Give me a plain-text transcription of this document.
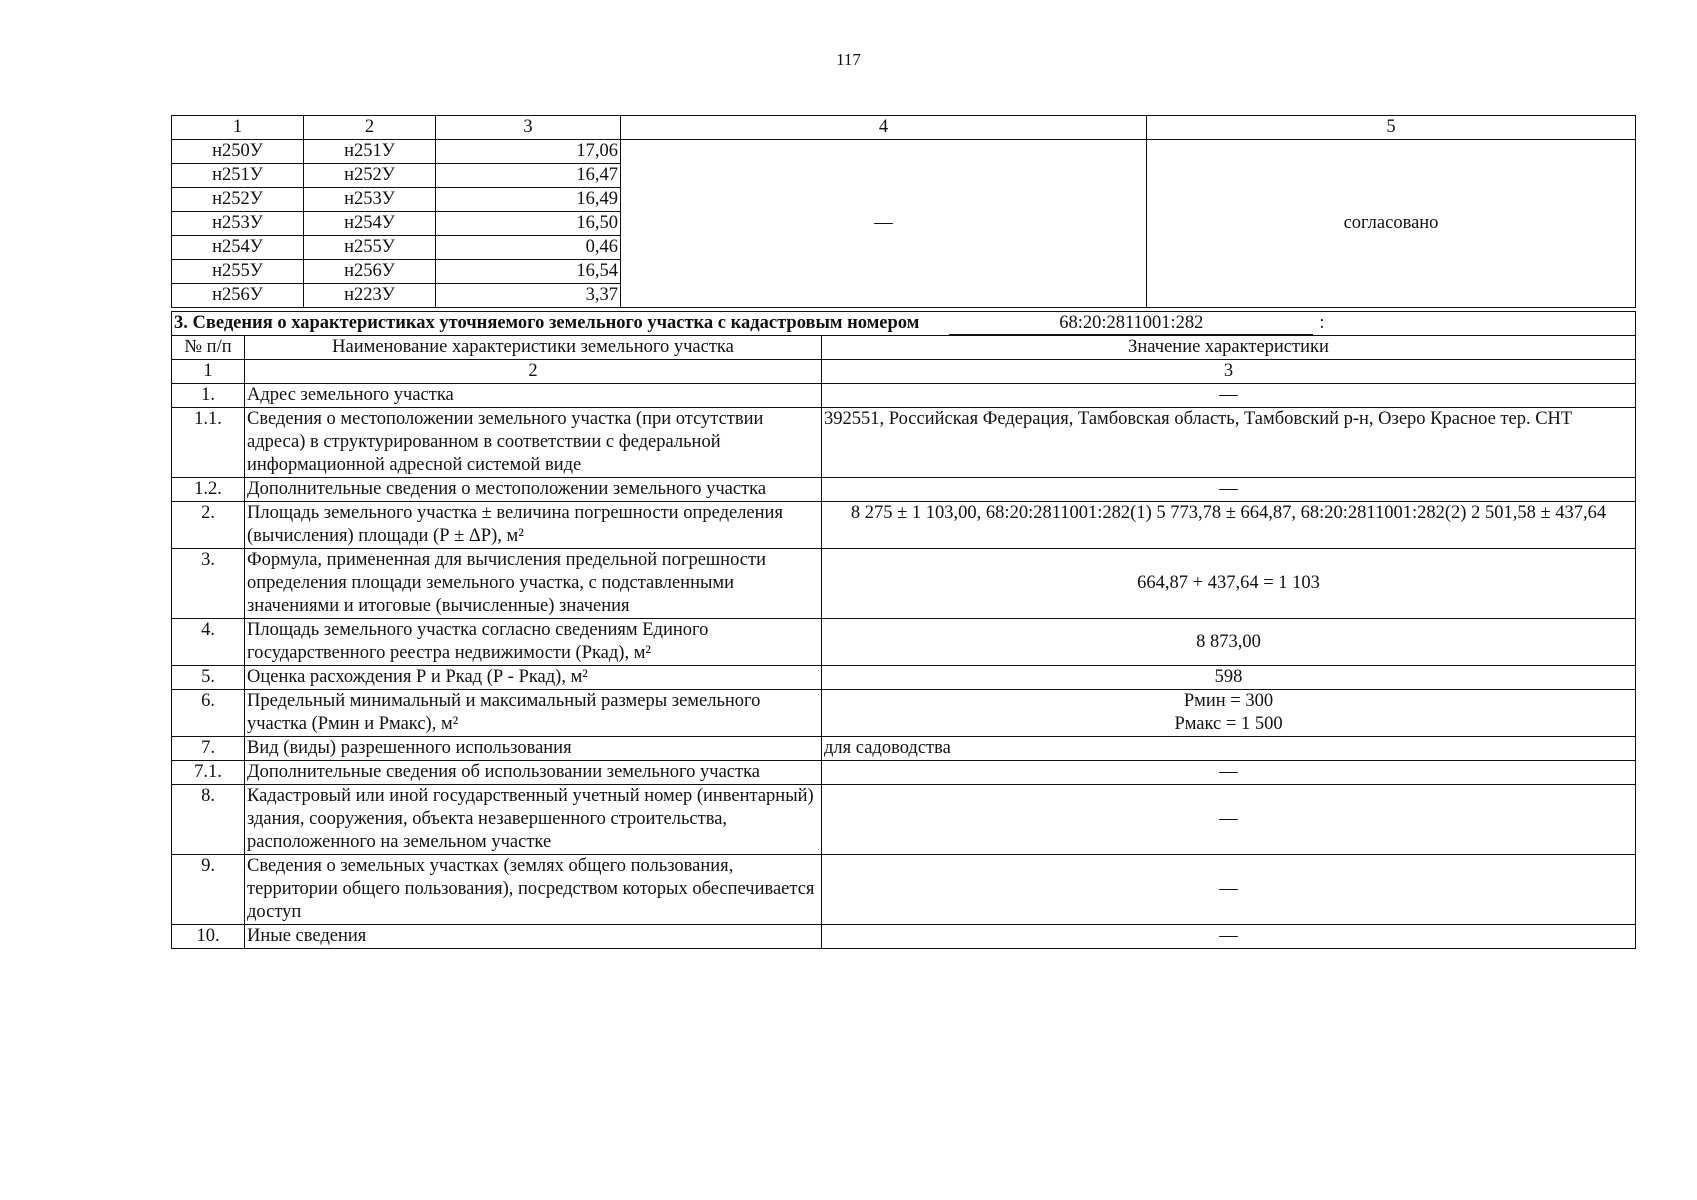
117
1	2	3	4	5
н250У	н251У	17,06	—	согласовано
н251У	н252У	16,47		
н252У	н253У	16,49		
н253У	н254У	16,50		
н254У	н255У	0,46		
н255У	н256У	16,54		
н256У	н223У	3,37		
3. Сведения о характеристиках уточняемого земельного участка с кадастровым номером 68:20:2811001:282 :		
№ п/п	Наименование характеристики земельного участка	Значение характеристики
1	2	3
1.	Адрес земельного участка	—
1.1.	Сведения о местоположении земельного участка (при отсутствии адреса) в структурированном в соответствии с федеральной информационной адресной системой виде	392551, Российская Федерация, Тамбовская область, Тамбовский р-н, Озеро Красное тер. СНТ
1.2.	Дополнительные сведения о местоположении земельного участка	—
2.	Площадь земельного участка ± величина погрешности определения (вычисления) площади (Р ± ΔР), м²	8 275 ± 1 103,00, 68:20:2811001:282(1) 5 773,78 ± 664,87, 68:20:2811001:282(2) 2 501,58 ± 437,64
3.	Формула, примененная для вычисления предельной погрешности определения площади земельного участка, с подставленными значениями и итоговые (вычисленные) значения	664,87 + 437,64 = 1 103
4.	Площадь земельного участка согласно сведениям Единого государственного реестра недвижимости (Ркад), м²	8 873,00
5.	Оценка расхождения Р и Ркад (Р - Ркад), м²	598
6.	Предельный минимальный и максимальный размеры земельного участка (Рмин и Рмакс), м²	Рмин = 300
Рмакс = 1 500

7.	Вид (виды) разрешенного использования	для садоводства
7.1.	Дополнительные сведения об использовании земельного участка	—
8.	Кадастровый или иной государственный учетный номер (инвентарный) здания, сооружения, объекта незавершенного строительства, расположенного на земельном участке	—
9.	Сведения о земельных участках (землях общего пользования, территории общего пользования), посредством которых обеспечивается доступ	—
10.	Иные сведения	—
